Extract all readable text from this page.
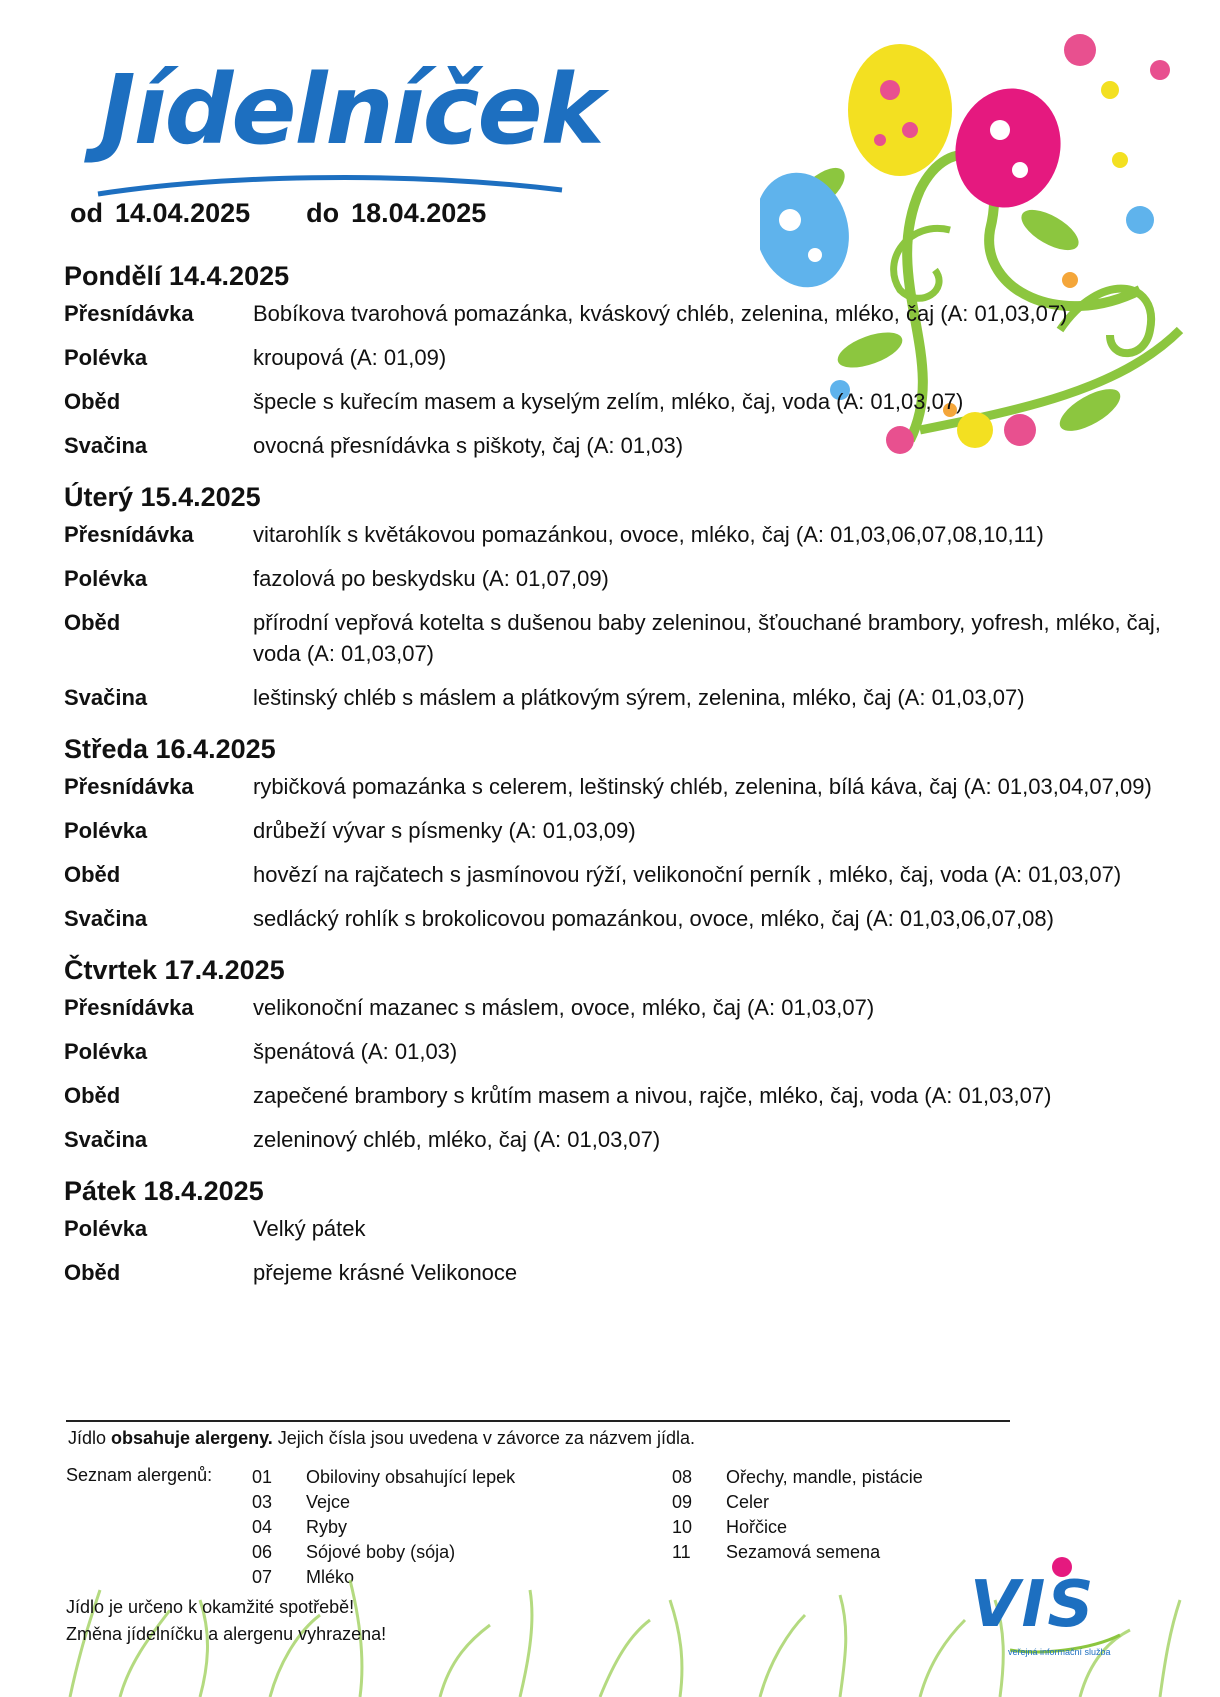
Jídelníček
od 14.04.2025 do 18.04.2025
Pondělí 14.4.2025
Přesnídávka	Bobíkova tvarohová pomazánka, kváskový chléb, zelenina, mléko, čaj (A: 01,03,07)
Polévka	kroupová (A: 01,09)
Oběd	špecle s kuřecím masem a kyselým zelím, mléko, čaj, voda (A: 01,03,07)
Svačina	ovocná přesnídávka s piškoty, čaj (A: 01,03)
Úterý 15.4.2025
Přesnídávka	vitarohlík s květákovou pomazánkou, ovoce, mléko, čaj (A: 01,03,06,07,08,10,11)
Polévka	fazolová po beskydsku (A: 01,07,09)
Oběd	přírodní vepřová kotelta s dušenou baby zeleninou, šťouchané brambory, yofresh, mléko, čaj, voda (A: 01,03,07)
Svačina	leštinský chléb s máslem a plátkovým sýrem, zelenina, mléko, čaj (A: 01,03,07)
Středa 16.4.2025
Přesnídávka	rybičková pomazánka s celerem, leštinský chléb, zelenina, bílá káva, čaj (A: 01,03,04,07,09)
Polévka	drůbeží vývar s písmenky (A: 01,03,09)
Oběd	hovězí na rajčatech s jasmínovou rýží, velikonoční perník , mléko, čaj, voda (A: 01,03,07)
Svačina	sedlácký rohlík s brokolicovou pomazánkou, ovoce, mléko, čaj (A: 01,03,06,07,08)
Čtvrtek 17.4.2025
Přesnídávka	velikonoční mazanec s máslem, ovoce, mléko, čaj (A: 01,03,07)
Polévka	špenátová (A: 01,03)
Oběd	zapečené brambory s krůtím masem a nivou, rajče, mléko, čaj, voda (A: 01,03,07)
Svačina	zeleninový chléb, mléko, čaj (A: 01,03,07)
Pátek 18.4.2025
Polévka	Velký pátek
Oběd	přejeme krásné Velikonoce
Jídlo obsahuje alergeny. Jejich čísla jsou uvedena v závorce za názvem jídla.
Seznam alergenů: 01	Obiloviny obsahující lepek
03	Vejce
04	Ryby
06	Sójové boby (sója)
07	Mléko
08	Ořechy, mandle, pistácie
09	Celer
10	Hořčice
11	Sezamová semena
Jídlo je určeno k okamžité spotřebě!
Změna jídelníčku a alergenu vyhrazena!	VIS
veřejná informační služba
